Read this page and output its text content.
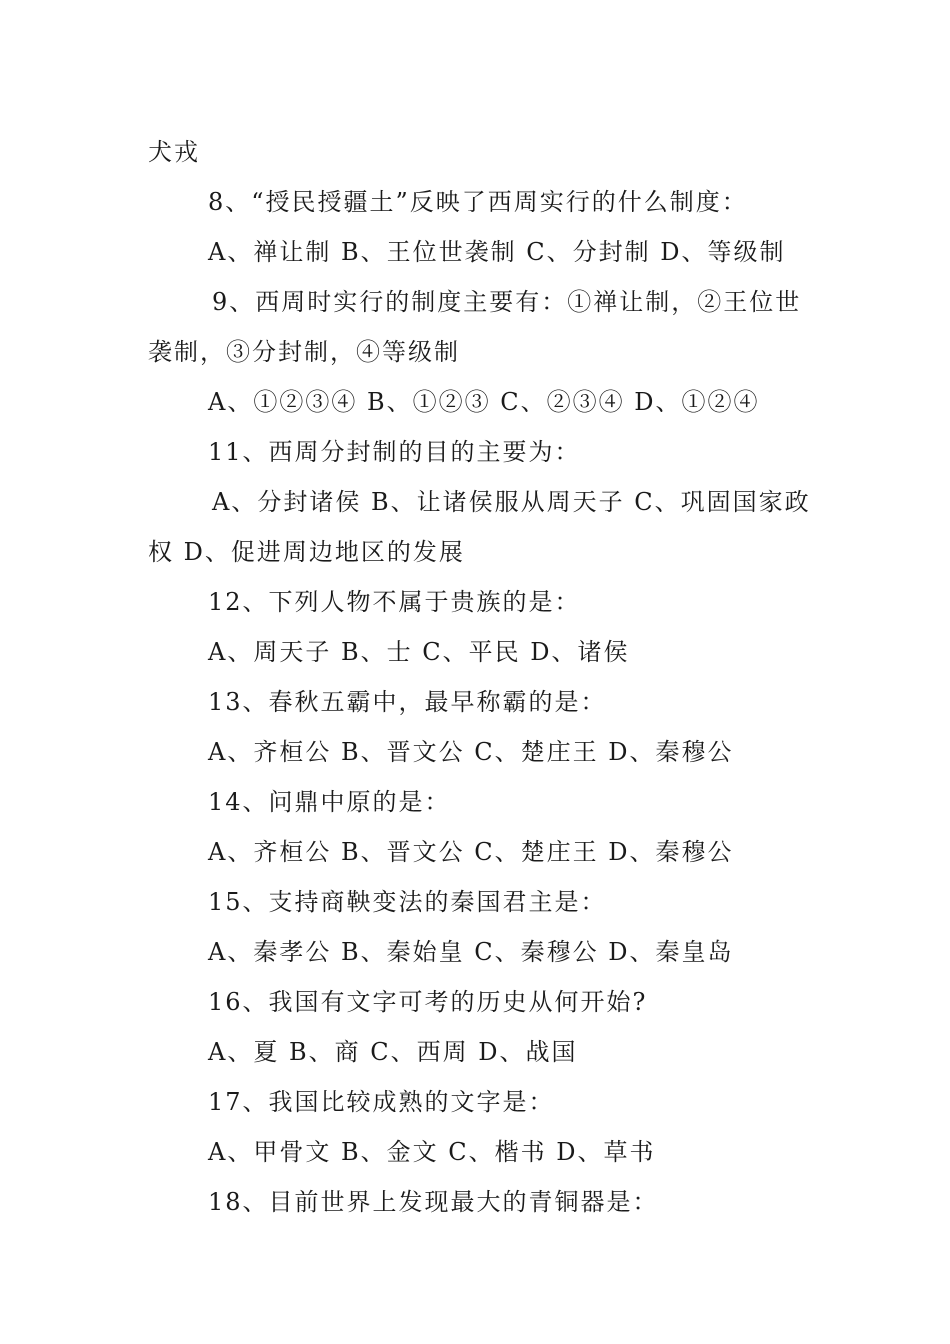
犬戎
8、“授民授疆土”反映了西周实行的什么制度：
A、禅让制 B、王位世袭制 C、分封制 D、等级制
9、西周时实行的制度主要有：①禅让制，②王位世
袭制，③分封制，④等级制
A、①②③④ B、①②③ C、②③④ D、①②④
11、西周分封制的目的主要为：
A、分封诸侯 B、让诸侯服从周天子 C、巩固国家政
权 D、促进周边地区的发展
12、下列人物不属于贵族的是：
A、周天子 B、士 C、平民 D、诸侯
13、春秋五霸中，最早称霸的是：
A、齐桓公 B、晋文公 C、楚庄王 D、秦穆公
14、问鼎中原的是：
A、齐桓公 B、晋文公 C、楚庄王 D、秦穆公
15、支持商鞅变法的秦国君主是：
A、秦孝公 B、秦始皇 C、秦穆公 D、秦皇岛
16、我国有文字可考的历史从何开始?
A、夏 B、商 C、西周 D、战国
17、我国比较成熟的文字是：
A、甲骨文 B、金文 C、楷书 D、草书
18、目前世界上发现最大的青铜器是：
